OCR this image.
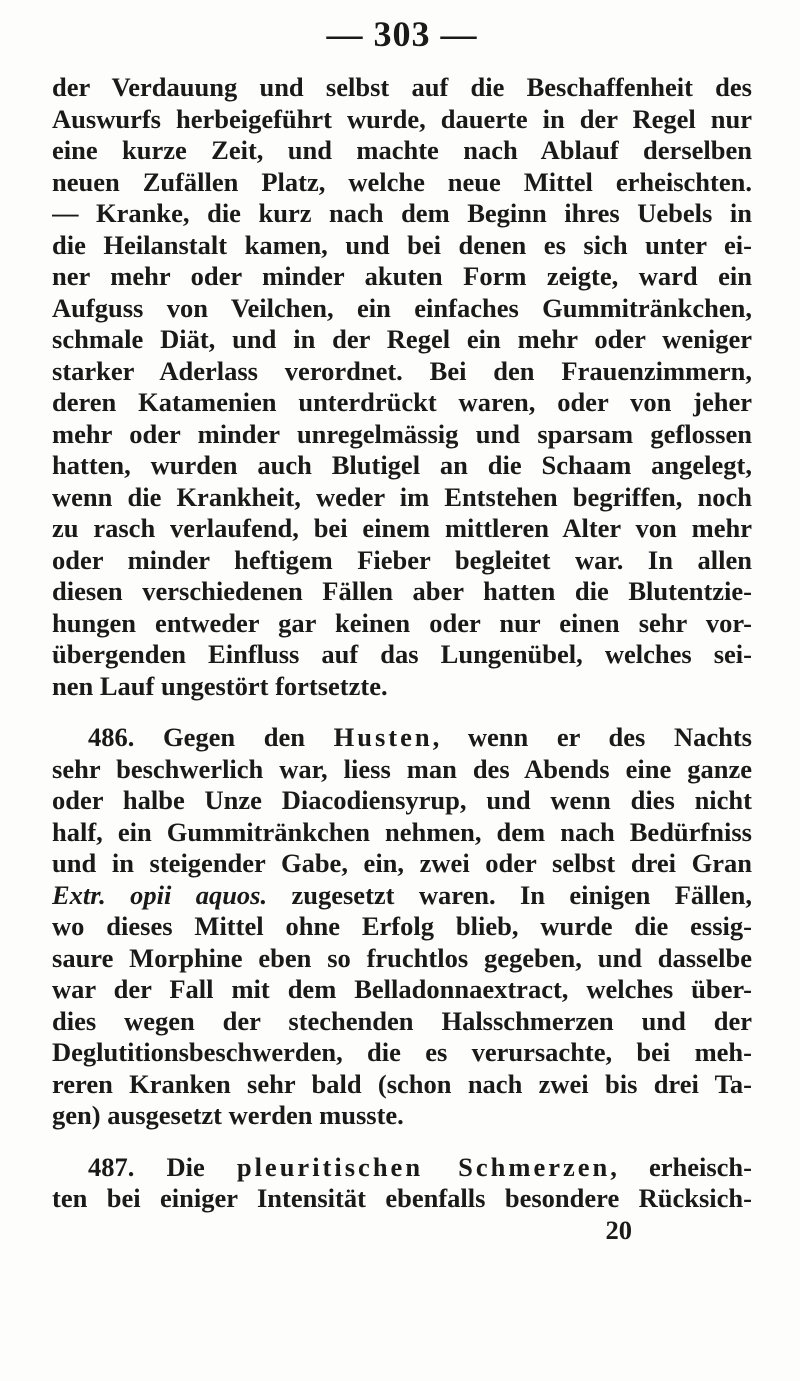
— 303 —
der Verdauung und selbst auf die Beschaffenheit des
Auswurfs herbeigeführt wurde, dauerte in der Regel nur
eine kurze Zeit, und machte nach Ablauf derselben
neuen Zufällen Platz, welche neue Mittel erheischten.
— Kranke, die kurz nach dem Beginn ihres Uebels in
die Heilanstalt kamen, und bei denen es sich unter ei-
ner mehr oder minder akuten Form zeigte, ward ein
Aufguss von Veilchen, ein einfaches Gummitränkchen,
schmale Diät, und in der Regel ein mehr oder weniger
starker Aderlass verordnet. Bei den Frauenzimmern,
deren Katamenien unterdrückt waren, oder von jeher
mehr oder minder unregelmässig und sparsam geflossen
hatten, wurden auch Blutigel an die Schaam angelegt,
wenn die Krankheit, weder im Entstehen begriffen, noch
zu rasch verlaufend, bei einem mittleren Alter von mehr
oder minder heftigem Fieber begleitet war. In allen
diesen verschiedenen Fällen aber hatten die Blutentzie-
hungen entweder gar keinen oder nur einen sehr vor-
übergenden Einfluss auf das Lungenübel, welches sei-
nen Lauf ungestört fortsetzte.
486. Gegen den Husten, wenn er des Nachts
sehr beschwerlich war, liess man des Abends eine ganze
oder halbe Unze Diacodiensyrup, und wenn dies nicht
half, ein Gummitränkchen nehmen, dem nach Bedürfniss
und in steigender Gabe, ein, zwei oder selbst drei Gran
Extr. opii aquos. zugesetzt waren. In einigen Fällen,
wo dieses Mittel ohne Erfolg blieb, wurde die essig-
saure Morphine eben so fruchtlos gegeben, und dasselbe
war der Fall mit dem Belladonnaextract, welches über-
dies wegen der stechenden Halsschmerzen und der
Deglutitionsbeschwerden, die es verursachte, bei meh-
reren Kranken sehr bald (schon nach zwei bis drei Ta-
gen) ausgesetzt werden musste.
487. Die pleuritischen Schmerzen, erheisch-
ten bei einiger Intensität ebenfalls besondere Rücksich-
20
